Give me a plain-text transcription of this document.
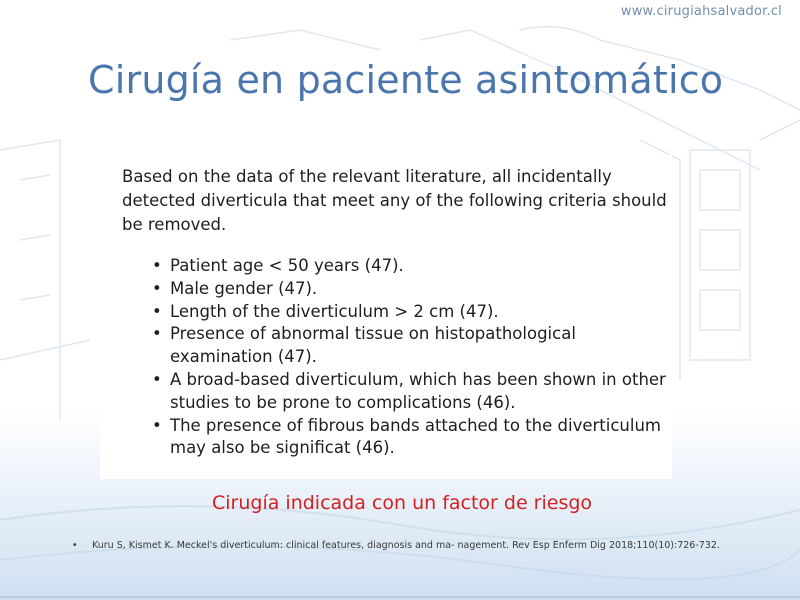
www.cirugiahsalvador.cl
Cirugía en paciente asintomático

Based on the data of the relevant literature, all incidentally detected diverticula that meet any of the following criteria should be removed.

• Patient age < 50 years (47).
• Male gender (47).
• Length of the diverticulum > 2 cm (47).
• Presence of abnormal tissue on histopathological examination (47).
• A broad-based diverticulum, which has been shown in other studies to be prone to complications (46).
• The presence of fibrous bands attached to the diverticulum may also be significat (46).
Cirugía indicada con un factor de riesgo
• Kuru S, Kismet K. Meckel's diverticulum: clinical features, diagnosis and ma- nagement. Rev Esp Enferm Dig 2018;110(10):726-732.
